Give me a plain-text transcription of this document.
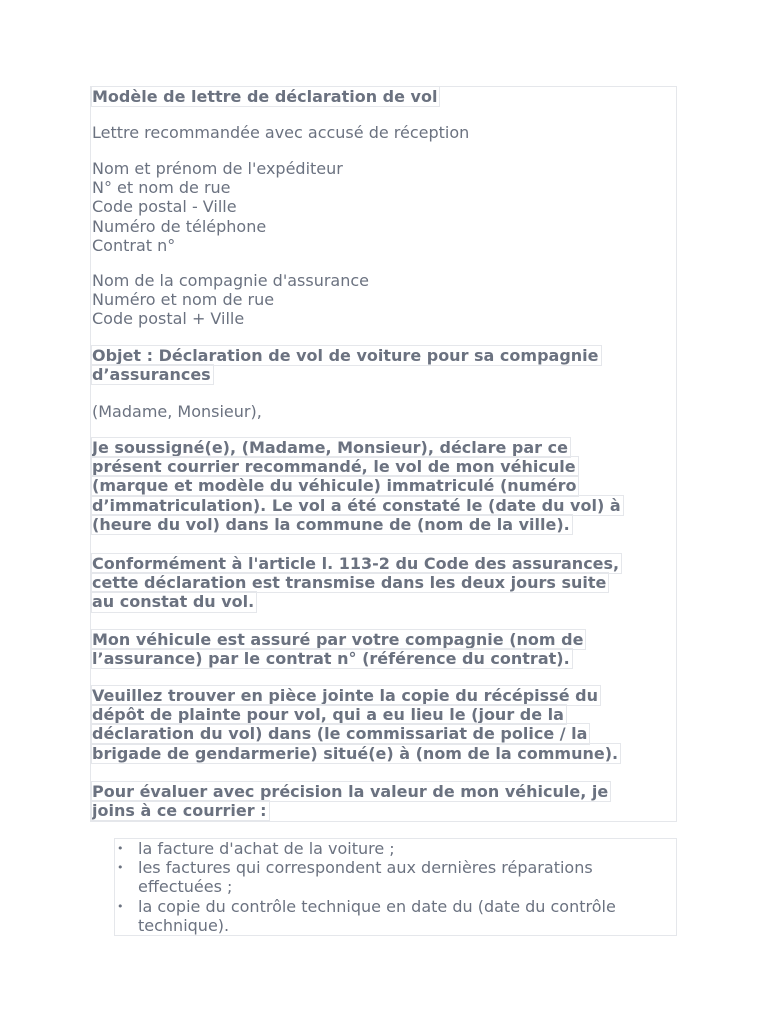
Modèle de lettre de déclaration de vol
Lettre recommandée avec accusé de réception
Nom et prénom de l'expéditeur
N° et nom de rue
Code postal - Ville
Numéro de téléphone
Contrat n°
Nom de la compagnie d'assurance
Numéro et nom de rue
Code postal + Ville
Objet : Déclaration de vol de voiture pour sa compagnie
d’assurances
(Madame, Monsieur),
Je soussigné(e), (Madame, Monsieur), déclare par ce
présent courrier recommandé, le vol de mon véhicule
(marque et modèle du véhicule) immatriculé (numéro
d’immatriculation). Le vol a été constaté le (date du vol) à
(heure du vol) dans la commune de (nom de la ville).
Conformément à l'article l. 113-2 du Code des assurances,
cette déclaration est transmise dans les deux jours suite
au constat du vol.
Mon véhicule est assuré par votre compagnie (nom de
l’assurance) par le contrat n° (référence du contrat).
Veuillez trouver en pièce jointe la copie du récépissé du
dépôt de plainte pour vol, qui a eu lieu le (jour de la
déclaration du vol) dans (le commissariat de police / la
brigade de gendarmerie) situé(e) à (nom de la commune).
Pour évaluer avec précision la valeur de mon véhicule, je
joins à ce courrier :
• la facture d'achat de la voiture ;
• les factures qui correspondent aux dernières réparations
effectuées ;
• la copie du contrôle technique en date du (date du contrôle
technique).
